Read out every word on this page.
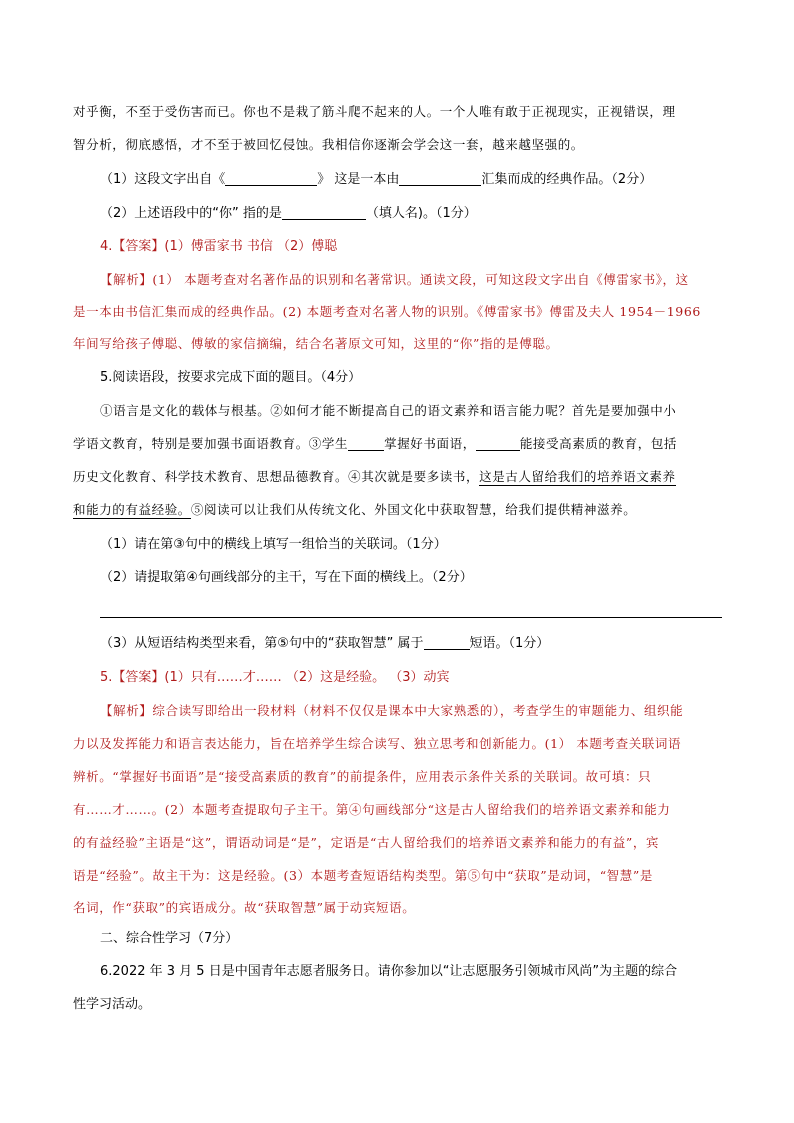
对乎衡，不至于受伤害而已。你也不是栽了筋斗爬不起来的人。一个人唯有敢于正视现实，正视错误，理
智分析，彻底感悟，才不至于被回忆侵蚀。我相信你逐渐会学会这一套，越来越坚强的。
（1）这段文字出自《	》 这是一本由	汇集而成的经典作品。（2分）
（2）上述语段中的“你” 指的是	（填人名)。（1分）
4.【答案】(1）傅雷家书 书信 （2）傅聪
【解析】(1） 本题考查对名著作品的识别和名著常识。通读文段，可知这段文字出自《傅雷家书》，这
是一本由书信汇集而成的经典作品。(2) 本题考查对名著人物的识别。《傅雷家书》傅雷及夫人 1954－1966
年间写给孩子傅聪、傅敏的家信摘编，结合名著原文可知，这里的“你”指的是傅聪。
5.阅读语段，按要求完成下面的题目。（4分）
①语言是文化的载体与根基。②如何才能不断提高自己的语文素养和语言能力呢？首先是要加强中小
学语文教育，特别是要加强书面语教育。③学生	掌握好书面语，	能接受高素质的教育，包括
历史文化教育、科学技术教育、思想品德教育。④其次就是要多读书，这是古人留给我们的培养语文素养
和能力的有益经验。⑤阅读可以让我们从传统文化、外国文化中获取智慧，给我们提供精神滋养。
（1）请在第③句中的横线上填写一组恰当的关联词。（1分）
（2）请提取第④句画线部分的主干，写在下面的横线上。（2分）
（3）从短语结构类型来看，第⑤句中的“获取智慧” 属于	短语。（1分）
5.【答案】(1）只有……才…… （2）这是经验。 （3）动宾
【解析】综合读写即给出一段材料（材料不仅仅是课本中大家熟悉的），考查学生的审题能力、组织能
力以及发挥能力和语言表达能力，旨在培养学生综合读写、独立思考和创新能力。(1） 本题考查关联词语
辨析。“掌握好书面语”是“接受高素质的教育”的前提条件，应用表示条件关系的关联词。故可填：只
有……才……。(2）本题考查提取句子主干。第④句画线部分“这是古人留给我们的培养语文素养和能力
的有益经验”主语是“这”，谓语动词是“是”，定语是“古人留给我们的培养语文素养和能力的有益”，宾
语是“经验”。故主干为：这是经验。(3）本题考查短语结构类型。第⑤句中“获取”是动词，“智慧”是
名词，作“获取”的宾语成分。故“获取智慧”属于动宾短语。
二、综合性学习（7分）
6.2022 年 3 月 5 日是中国青年志愿者服务日。请你参加以“让志愿服务引领城市风尚”为主题的综合
性学习活动。
